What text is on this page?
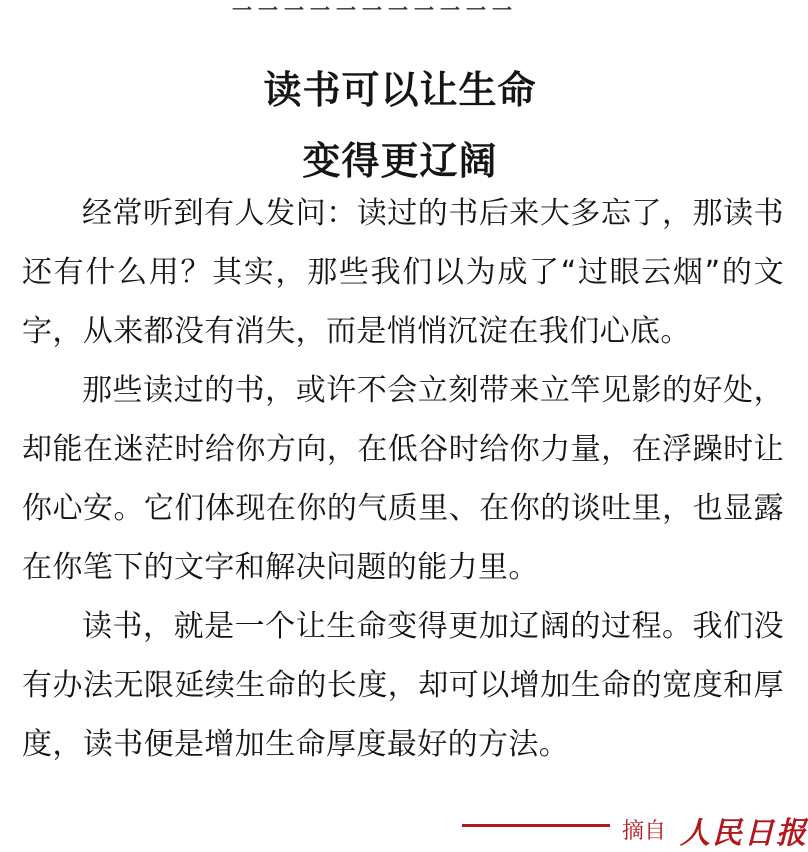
一一一一一一一一一一一
读书可以让生命
变得更辽阔

经常听到有人发问：读过的书后来大多忘了，那读书还有什么用？其实，那些我们以为成了“过眼云烟”的文字，从来都没有消失，而是悄悄沉淀在我们心底。

那些读过的书，或许不会立刻带来立竿见影的好处，却能在迷茫时给你方向，在低谷时给你力量，在浮躁时让你心安。它们体现在你的气质里、在你的谈吐里，也显露在你笔下的文字和解决问题的能力里。

读书，就是一个让生命变得更加辽阔的过程。我们没有办法无限延续生命的长度，却可以增加生命的宽度和厚度，读书便是增加生命厚度最好的方法。

摘自 人民日报
